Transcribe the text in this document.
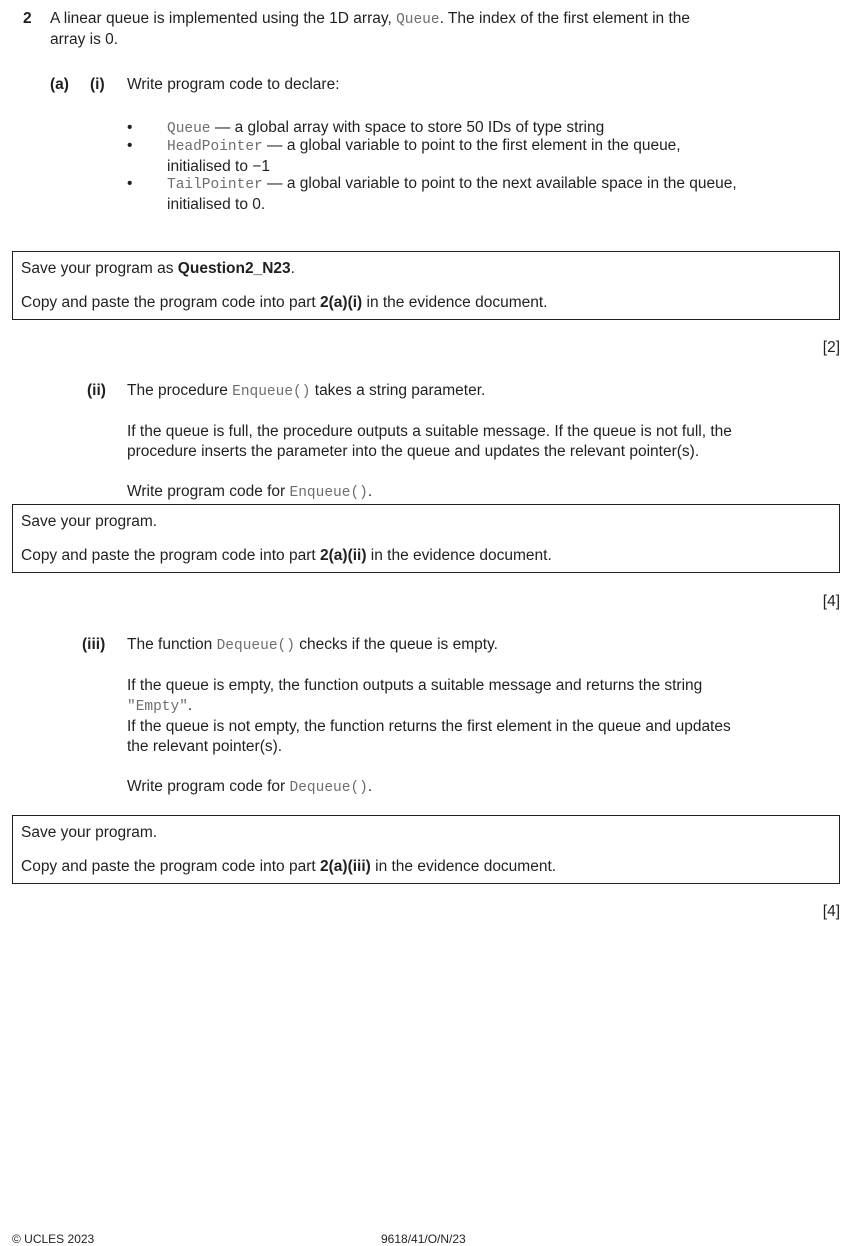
2 A linear queue is implemented using the 1D array, Queue. The index of the first element in the

array is 0.

(a) (i) Write program code to declare:
• Queue — a global array with space to store 50 IDs of type string

• HeadPointer — a global variable to point to the first element in the queue,

initialised to −1

• TailPointer — a global variable to point to the next available space in the queue,

initialised to 0.

Save your program as Question2_N23.

Copy and paste the program code into part 2(a)(i) in the evidence document.

[2]
(ii) The procedure Enqueue() takes a string parameter.

If the queue is full, the procedure outputs a suitable message. If the queue is not full, the

procedure inserts the parameter into the queue and updates the relevant pointer(s).

Write program code for Enqueue().

Save your program.

Copy and paste the program code into part 2(a)(ii) in the evidence document.

[4]
(iii) The function Dequeue() checks if the queue is empty.

If the queue is empty, the function outputs a suitable message and returns the string

"Empty".

If the queue is not empty, the function returns the first element in the queue and updates

the relevant pointer(s).

Write program code for Dequeue().

Save your program.

Copy and paste the program code into part 2(a)(iii) in the evidence document.

[4]
© UCLES 2023	9618/41/O/N/23
